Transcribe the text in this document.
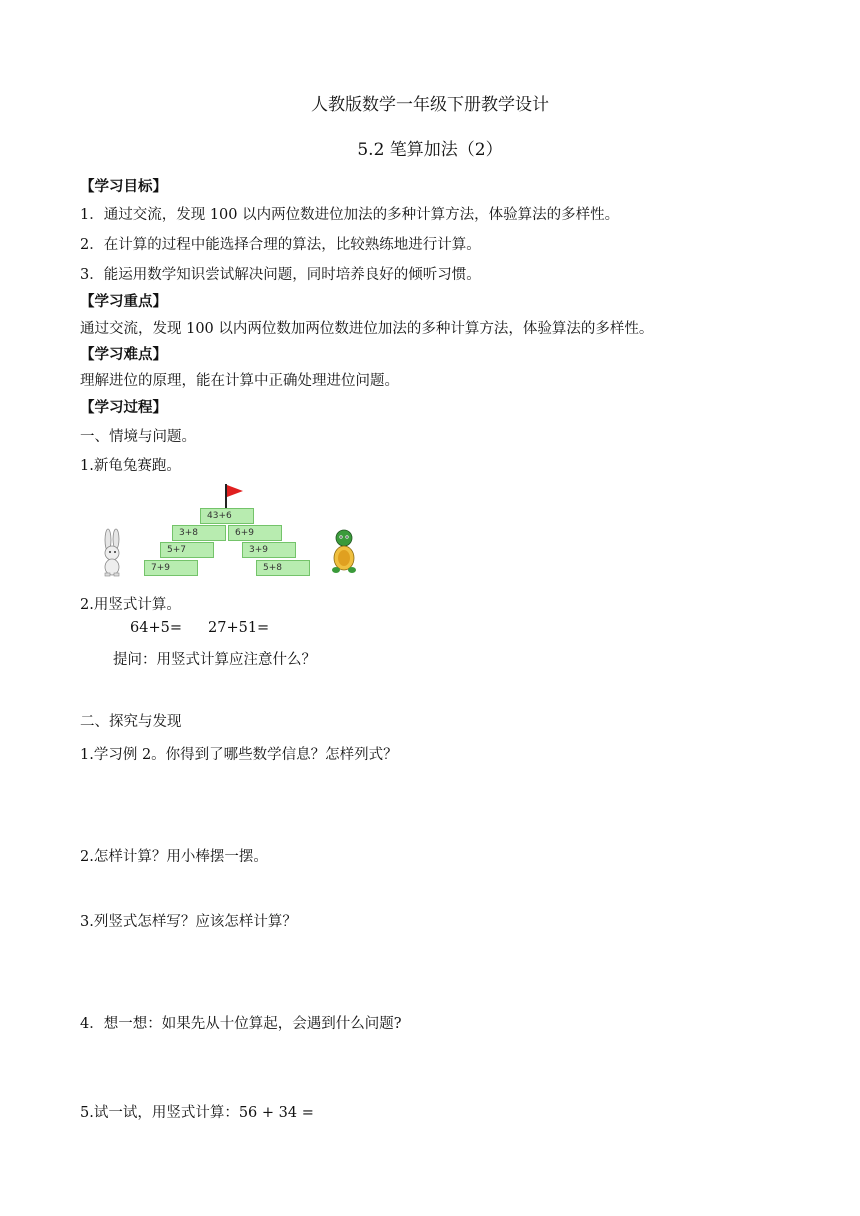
人教版数学一年级下册教学设计
5.2 笔算加法（2）
【学习目标】
1．通过交流，发现 100 以内两位数进位加法的多种计算方法，体验算法的多样性。
2．在计算的过程中能选择合理的算法，比较熟练地进行计算。
3．能运用数学知识尝试解决问题，同时培养良好的倾听习惯。
【学习重点】
通过交流，发现 100 以内两位数加两位数进位加法的多种计算方法，体验算法的多样性。
【学习难点】
理解进位的原理，能在计算中正确处理进位问题。
【学习过程】
一、情境与问题。
1.新龟兔赛跑。
43+6
3+8	6+9
5+7	3+9
7+9	5+8
2.用竖式计算。
64+5= 27+51=
提问：用竖式计算应注意什么？
二、探究与发现
1.学习例 2。你得到了哪些数学信息？怎样列式？
2.怎样计算？用小棒摆一摆。
3.列竖式怎样写？应该怎样计算？
4．想一想：如果先从十位算起，会遇到什么问题?
5.试一试，用竖式计算：56 + 34 =
